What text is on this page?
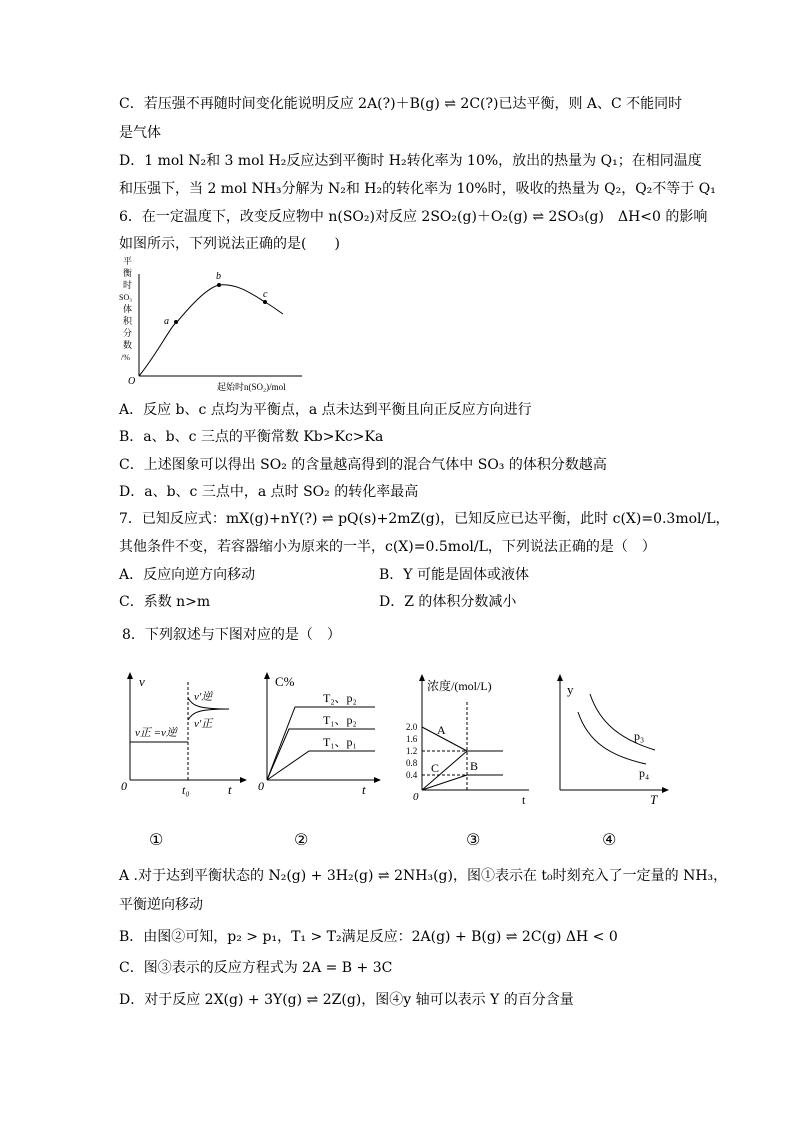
C．若压强不再随时间变化能说明反应 2A(?)＋B(g) ⇌ 2C(?)已达平衡，则 A、C 不能同时
是气体
D．1 mol N₂和 3 mol H₂反应达到平衡时 H₂转化率为 10%，放出的热量为 Q₁；在相同温度
和压强下，当 2 mol NH₃分解为 N₂和 H₂的转化率为 10%时，吸收的热量为 Q₂，Q₂不等于 Q₁
6．在一定温度下，改变反应物中 n(SO₂)对反应 2SO₂(g)＋O₂(g) ⇌ 2SO₃(g)　ΔH<0 的影响
如图所示，下列说法正确的是(　　)
平
衡
时
SO₃
体
积
分
数
/%
O
a
b
c
起始时n(SO₂)/mol
A．反应 b、c 点均为平衡点，a 点未达到平衡且向正反应方向进行
B．a、b、c 三点的平衡常数 Kb>Kc>Ka
C．上述图象可以得出 SO₂ 的含量越高得到的混合气体中 SO₃ 的体积分数越高
D．a、b、c 三点中，a 点时 SO₂ 的转化率最高
7．已知反应式：mX(g)+nY(?) ⇌ pQ(s)+2mZ(g)，已知反应已达平衡，此时 c(X)=0.3mol/L，
其他条件不变，若容器缩小为原来的一半，c(X)=0.5mol/L，下列说法正确的是（　）
A．反应向逆方向移动	B．Y 可能是固体或液体
C．系数 n>m	D．Z 的体积分数减小
8．下列叙述与下图对应的是（　）
v
0	t
t₀
v正 =v逆
v′逆
v′正
①
C%
0	t
T₂、p₂
T₁、p₂
T₁、p₁
②
浓度/(mol/L)
0	t
2.0
1.6
1.2
0.8
0.4
A
B
C
③
y
T
p₃
p₄
④
A .对于达到平衡状态的 N₂(g) + 3H₂(g) ⇌ 2NH₃(g)，图①表示在 t₀时刻充入了一定量的 NH₃，
平衡逆向移动
B．由图②可知，p₂ > p₁，T₁ > T₂满足反应：2A(g) + B(g) ⇌ 2C(g) ΔH < 0
C．图③表示的反应方程式为 2A = B + 3C
D．对于反应 2X(g) + 3Y(g) ⇌ 2Z(g)，图④y 轴可以表示 Y 的百分含量
